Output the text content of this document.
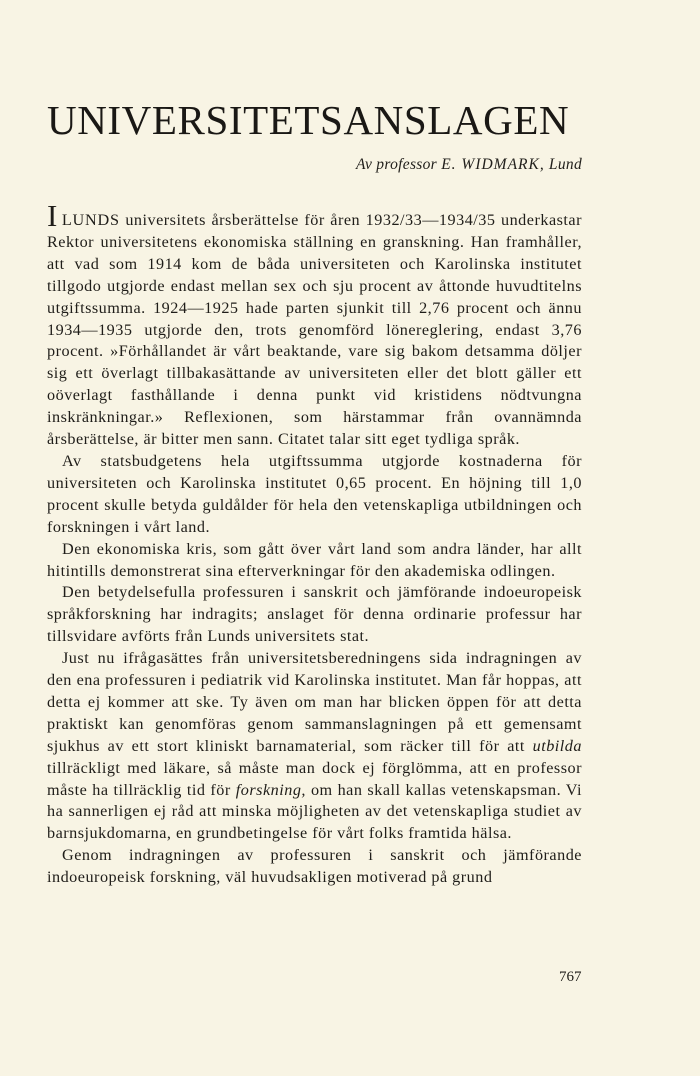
UNIVERSITETSANSLAGEN
Av professor E. WIDMARK, Lund

ILUNDS universitets årsberättelse för åren 1932/33—1934/35 underkastar Rektor universitetens ekonomiska ställning en granskning. Han framhåller, att vad som 1914 kom de båda universiteten och Karolinska institutet tillgodo utgjorde endast mellan sex och sju procent av åttonde huvudtitelns utgiftssumma. 1924—1925 hade parten sjunkit till 2,76 procent och ännu 1934—1935 utgjorde den, trots genomförd lönereglering, endast 3,76 procent. »Förhållandet är vårt beaktande, vare sig bakom detsamma döljer sig ett överlagt tillbakasättande av universiteten eller det blott gäller ett oöverlagt fasthållande i denna punkt vid kristidens nödtvungna inskränkningar.» Reflexionen, som härstammar från ovannämnda årsberättelse, är bitter men sann. Citatet talar sitt eget tydliga språk.

Av statsbudgetens hela utgiftssumma utgjorde kostnaderna för universiteten och Karolinska institutet 0,65 procent. En höjning till 1,0 procent skulle betyda guldålder för hela den vetenskapliga utbildningen och forskningen i vårt land.

Den ekonomiska kris, som gått över vårt land som andra länder, har allt hitintills demonstrerat sina efterverkningar för den akademiska odlingen.

Den betydelsefulla professuren i sanskrit och jämförande indoeuropeisk språkforskning har indragits; anslaget för denna ordinarie professur har tillsvidare avförts från Lunds universitets stat.

Just nu ifrågasättes från universitetsberedningens sida indragningen av den ena professuren i pediatrik vid Karolinska institutet. Man får hoppas, att detta ej kommer att ske. Ty även om man har blicken öppen för att detta praktiskt kan genomföras genom sammanslagningen på ett gemensamt sjukhus av ett stort kliniskt barnamaterial, som räcker till för att utbilda tillräckligt med läkare, så måste man dock ej förglömma, att en professor måste ha tillräcklig tid för forskning, om han skall kallas vetenskapsman. Vi ha sannerligen ej råd att minska möjligheten av det vetenskapliga studiet av barnsjukdomarna, en grundbetingelse för vårt folks framtida hälsa.

Genom indragningen av professuren i sanskrit och jämförande indoeuropeisk forskning, väl huvudsakligen motiverad på grund

767
